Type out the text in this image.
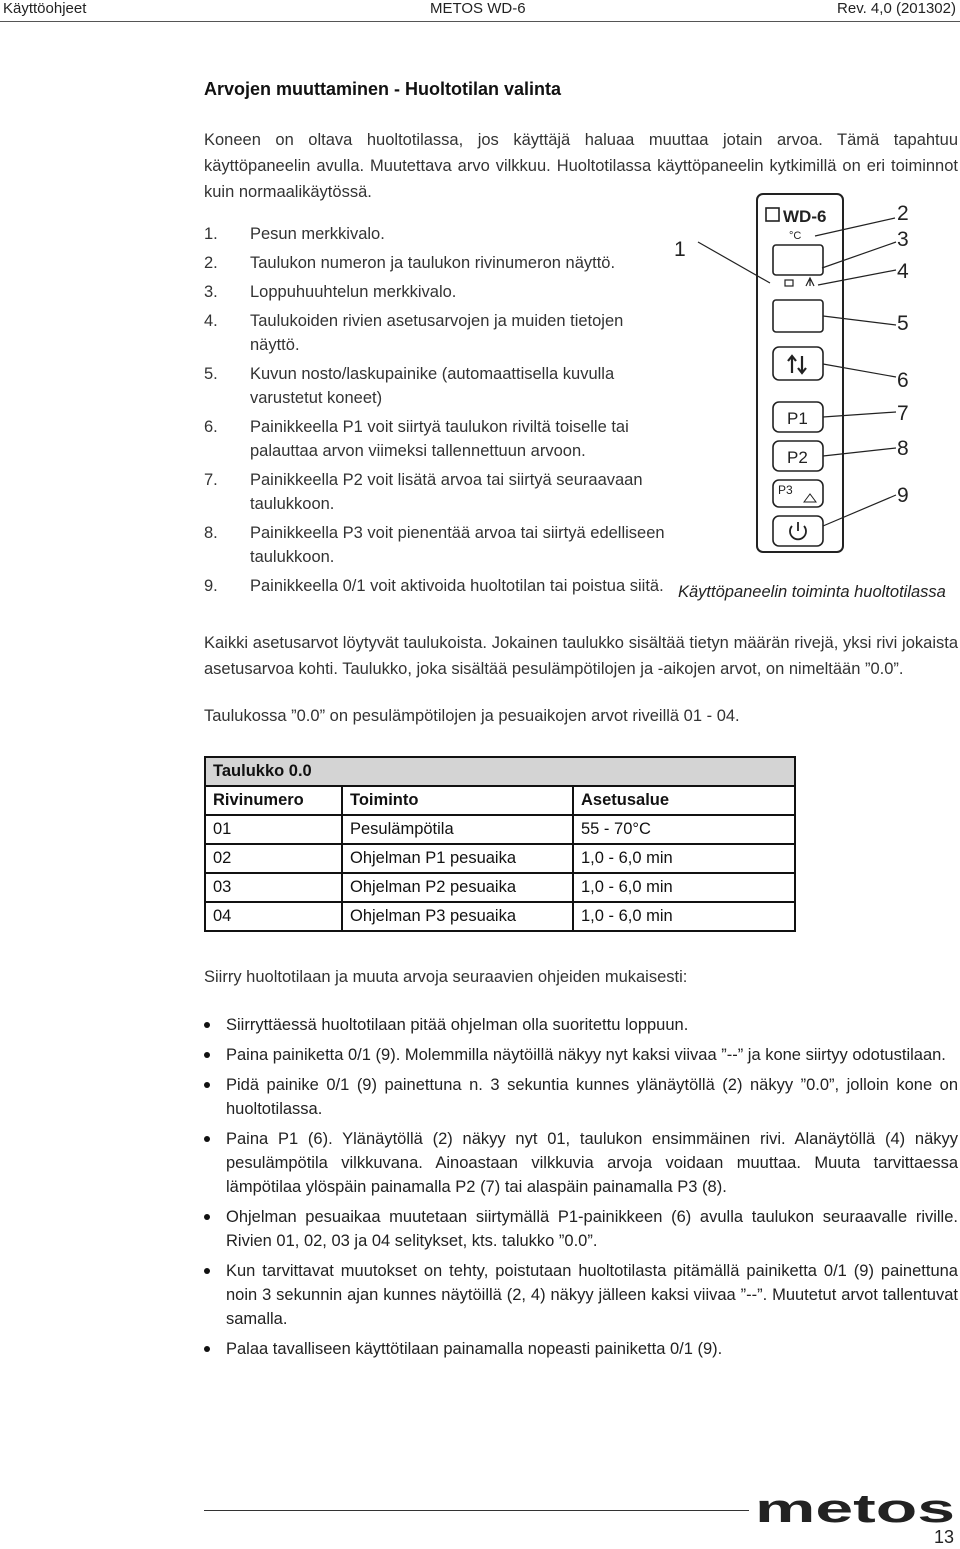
Käyttöohjeet	METOS WD-6	Rev. 4,0 (201302)
Arvojen muuttaminen - Huoltotilan valinta
Koneen on oltava huoltotilassa, jos käyttäjä haluaa muuttaa jotain arvoa. Tämä tapahtuu käyttöpaneelin avulla. Muutettava arvo vilkkuu. Huoltotilassa käyttöpaneelin kytkimillä on eri toiminnot kuin normaalikäytössä.
1. Pesun merkkivalo.
2. Taulukon numeron ja taulukon rivinumeron näyttö.
3. Loppuhuuhtelun merkkivalo.
4. Taulukoiden rivien asetusarvojen ja muiden tietojen näyttö.
5. Kuvun nosto/laskupainike (automaattisella kuvulla varustetut koneet)
6. Painikkeella P1 voit siirtyä taulukon riviltä toiselle tai palauttaa arvon viimeksi tallennettuun arvoon.
7. Painikkeella P2 voit lisätä arvoa tai siirtyä seuraavaan taulukkoon.
8. Painikkeella P3 voit pienentää arvoa tai siirtyä edelliseen taulukkoon.
9. Painikkeella 0/1 voit aktivoida huoltotilan tai poistua siitä.
WD-6
°C
P1
P2
P3
1
2
3
4
5
6
7
8
9
Käyttöpaneelin toiminta huoltotilassa
Kaikki asetusarvot löytyvät taulukoista. Jokainen taulukko sisältää tietyn määrän rivejä, yksi rivi jokaista asetusarvoa kohti. Taulukko, joka sisältää pesulämpötilojen ja -aikojen arvot, on nimeltään ”0.0”.
Taulukossa ”0.0” on pesulämpötilojen ja pesuaikojen arvot riveillä 01 - 04.
Taulukko 0.0		
Rivinumero	Toiminto	Asetusalue
01	Pesulämpötila	55 - 70°C
02	Ohjelman P1 pesuaika	1,0 - 6,0 min
03	Ohjelman P2 pesuaika	1,0 - 6,0 min
04	Ohjelman P3 pesuaika	1,0 - 6,0 min
Siirry huoltotilaan ja muuta arvoja seuraavien ohjeiden mukaisesti:
Siirryttäessä huoltotilaan pitää ohjelman olla suoritettu loppuun.
Paina painiketta 0/1 (9). Molemmilla näytöillä näkyy nyt kaksi viivaa ”--” ja kone siirtyy odotustilaan.
Pidä painike 0/1 (9) painettuna n. 3 sekuntia kunnes ylänäytöllä (2) näkyy ”0.0”, jolloin kone on huoltotilassa.
Paina P1 (6). Ylänäytöllä (2) näkyy nyt 01, taulukon ensimmäinen rivi. Alanäytöllä (4) näkyy pesulämpötila vilkkuvana. Ainoastaan vilkkuvia arvoja voidaan muuttaa. Muuta tarvittaessa lämpötilaa ylöspäin painamalla P2 (7) tai alaspäin painamalla P3 (8).
Ohjelman pesuaikaa muutetaan siirtymällä P1-painikkeen (6) avulla taulukon seuraavalle riville. Rivien 01, 02, 03 ja 04 selitykset, kts. talukko ”0.0”.
Kun tarvittavat muutokset on tehty, poistutaan huoltotilasta pitämällä painiketta 0/1 (9) painettuna noin 3 sekunnin ajan kunnes näytöillä (2, 4) näkyy jälleen kaksi viivaa ”--”. Muutetut arvot tallentuvat samalla.
Palaa tavalliseen käyttötilaan painamalla nopeasti painiketta 0/1 (9).
metos
13
